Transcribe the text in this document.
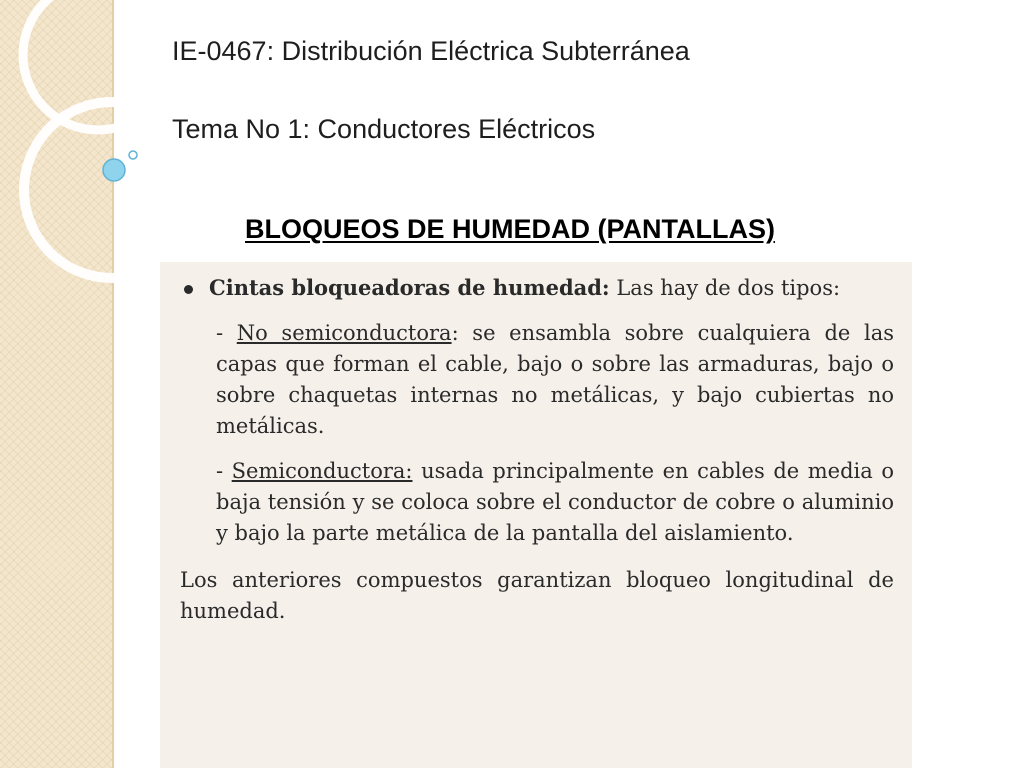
IE-0467: Distribución Eléctrica Subterránea
Tema No 1: Conductores Eléctricos
BLOQUEOS DE HUMEDAD (PANTALLAS)

Cintas bloqueadoras de humedad: Las hay de dos tipos:

- No semiconductora: se ensambla sobre cualquiera de las capas que forman el cable, bajo o sobre las armaduras, bajo o sobre chaquetas internas no metálicas, y bajo cubiertas no metálicas.

- Semiconductora: usada principalmente en cables de media o baja tensión y se coloca sobre el conductor de cobre o aluminio y bajo la parte metálica de la pantalla del aislamiento.

Los anteriores compuestos garantizan bloqueo longitudinal de humedad.
